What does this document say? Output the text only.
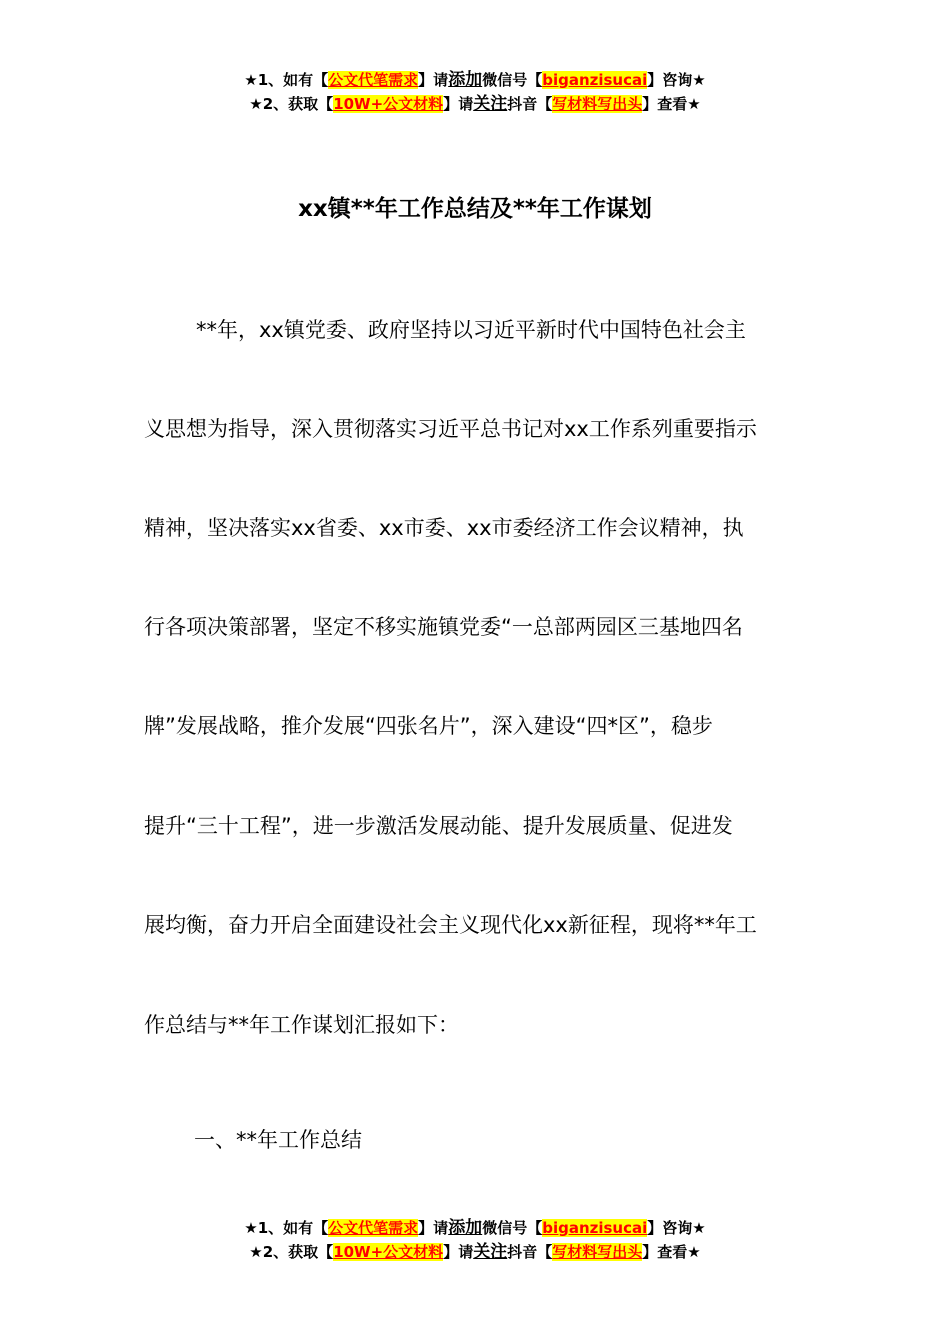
★1、如有【公文代笔需求】请添加微信号【biganzisucai】咨询★
★2、获取【10W+公文材料】请关注抖音【写材料写出头】查看★
xx镇**年工作总结及**年工作谋划
**年，xx镇党委、政府坚持以习近平新时代中国特色社会主
义思想为指导，深入贯彻落实习近平总书记对xx工作系列重要指示
精神，坚决落实xx省委、xx市委、xx市委经济工作会议精神，执
行各项决策部署，坚定不移实施镇党委“一总部两园区三基地四名
牌”发展战略，推介发展“四张名片”，深入建设“四*区”，稳步
提升“三十工程”，进一步激活发展动能、提升发展质量、促进发
展均衡，奋力开启全面建设社会主义现代化xx新征程，现将**年工
作总结与**年工作谋划汇报如下：
一、**年工作总结
★1、如有【公文代笔需求】请添加微信号【biganzisucai】咨询★
★2、获取【10W+公文材料】请关注抖音【写材料写出头】查看★
